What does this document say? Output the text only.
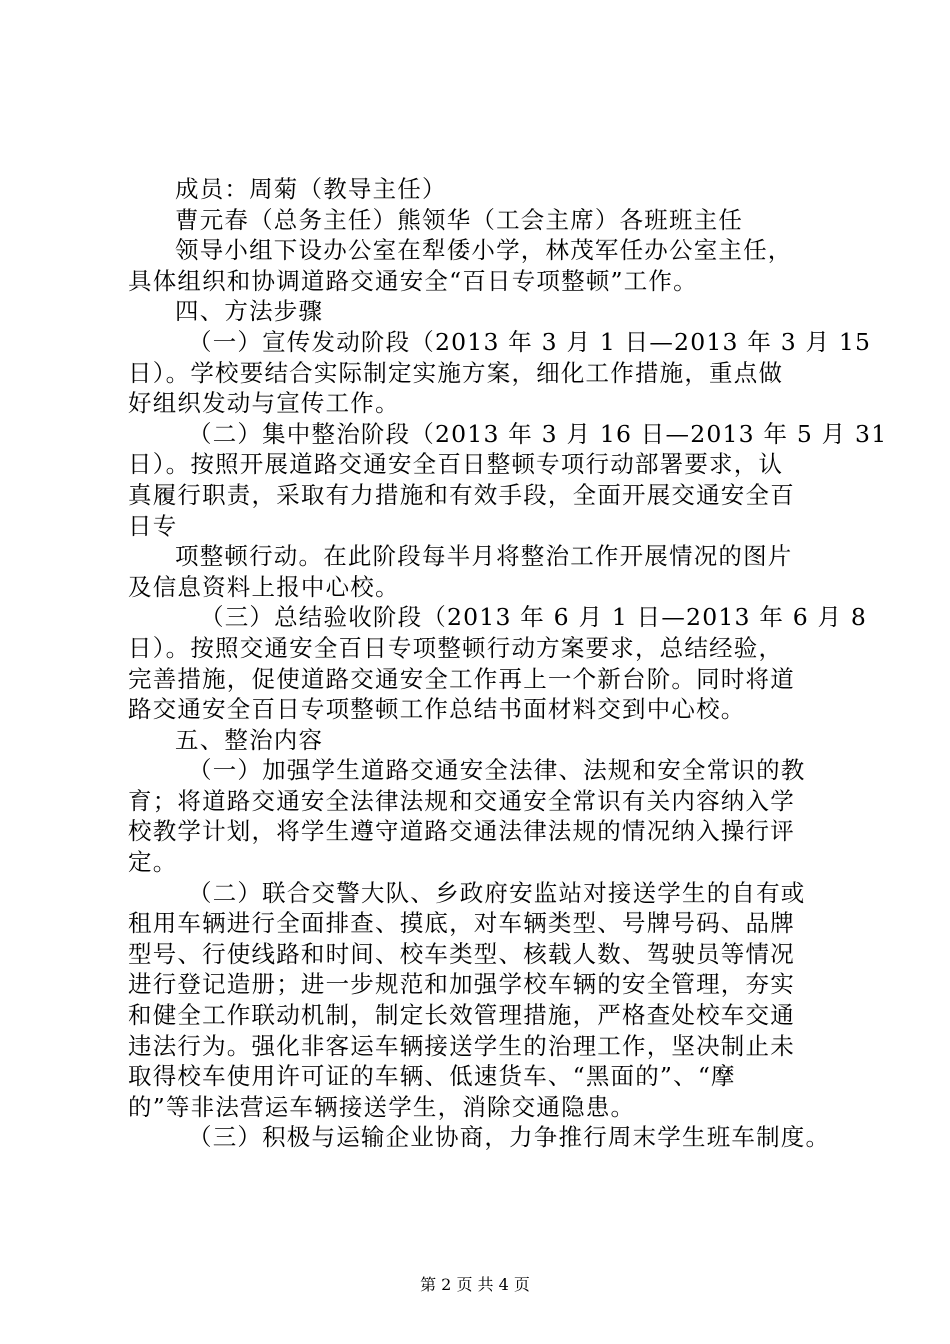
成员：周菊（教导主任）
曹元春（总务主任）熊领华（工会主席）各班班主任
领导小组下设办公室在犁倭小学，林茂军任办公室主任，
具体组织和协调道路交通安全“百日专项整顿”工作。
四、方法步骤
（一）宣传发动阶段（2013 年 3 月 1 日—2013 年 3 月 15
日）。学校要结合实际制定实施方案，细化工作措施，重点做
好组织发动与宣传工作。
（二）集中整治阶段（2013 年 3 月 16 日—2013 年 5 月 31
日）。按照开展道路交通安全百日整顿专项行动部署要求，认
真履行职责，采取有力措施和有效手段，全面开展交通安全百
日专
项整顿行动。在此阶段每半月将整治工作开展情况的图片
及信息资料上报中心校。
（三）总结验收阶段（2013 年 6 月 1 日—2013 年 6 月 8
日）。按照交通安全百日专项整顿行动方案要求，总结经验，
完善措施，促使道路交通安全工作再上一个新台阶。同时将道
路交通安全百日专项整顿工作总结书面材料交到中心校。
五、整治内容
（一）加强学生道路交通安全法律、法规和安全常识的教
育；将道路交通安全法律法规和交通安全常识有关内容纳入学
校教学计划，将学生遵守道路交通法律法规的情况纳入操行评
定。
（二）联合交警大队、乡政府安监站对接送学生的自有或
租用车辆进行全面排查、摸底，对车辆类型、号牌号码、品牌
型号、行使线路和时间、校车类型、核载人数、驾驶员等情况
进行登记造册；进一步规范和加强学校车辆的安全管理，夯实
和健全工作联动机制，制定长效管理措施，严格查处校车交通
违法行为。强化非客运车辆接送学生的治理工作，坚决制止未
取得校车使用许可证的车辆、低速货车、“黑面的”、“摩
的”等非法营运车辆接送学生，消除交通隐患。
（三）积极与运输企业协商，力争推行周末学生班车制度。
第 2 页 共 4 页
